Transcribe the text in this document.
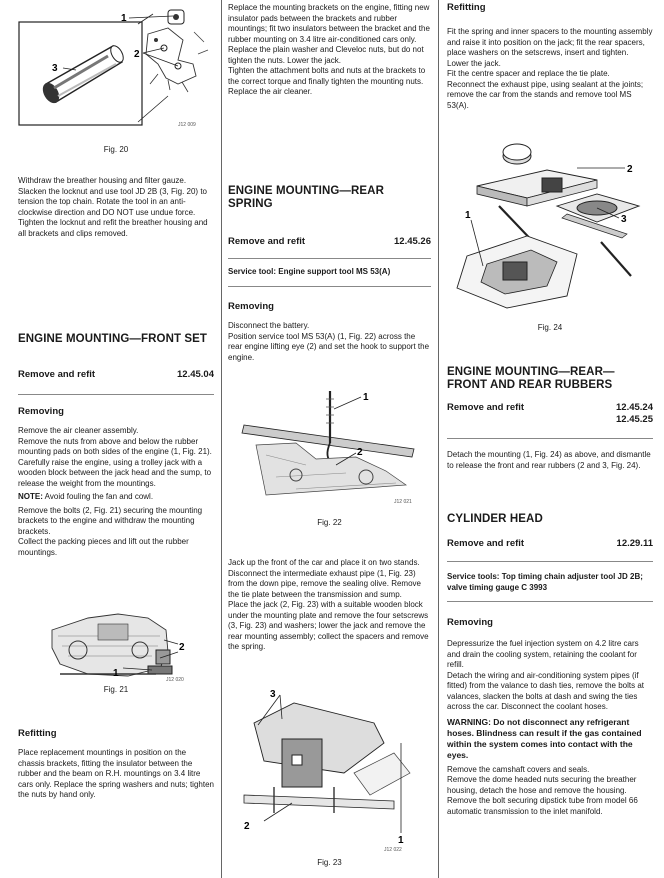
1
2
3
J12 009

Fig. 20

Withdraw the breather housing and filter gauze.

Slacken the locknut and use tool JD 2B (3, Fig. 20) to tension the top chain. Rotate the tool in an anti-clockwise direction and DO NOT use undue force.

Tighten the locknut and refit the breather housing and all brackets and clips removed.

ENGINE MOUNTING—FRONT SET
Remove and refit	12.45.04
Removing

Remove the air cleaner assembly.

Remove the nuts from above and below the rubber mounting pads on both sides of the engine (1, Fig. 21).

Carefully raise the engine, using a trolley jack with a wooden block between the jack head and the sump, to release the weight from the mountings.

NOTE: Avoid fouling the fan and cowl.

Remove the bolts (2, Fig. 21) securing the mounting brackets to the engine and withdraw the mounting brackets.

Collect the packing pieces and lift out the rubber mountings.

2
1
J12 020

Fig. 21

Refitting

Place replacement mountings in position on the chassis brackets, fitting the insulator between the rubber and the beam on R.H. mountings on 3.4 litre cars only. Replace the spring washers and nuts; tighten the nuts by hand only.

Replace the mounting brackets on the engine, fitting new insulator pads between the brackets and rubber mountings; fit two insulators between the bracket and the rubber mounting on 3.4 litre air-conditioned cars only. Replace the plain washer and Cleveloc nuts, but do not tighten the nuts. Lower the jack.

Tighten the attachment bolts and nuts at the brackets to the correct torque and finally tighten the mounting nuts.

Replace the air cleaner.

ENGINE MOUNTING—REAR SPRING
Remove and refit	12.45.26

Service tool: Engine support tool MS 53(A)

Removing

Disconnect the battery.

Position service tool MS 53(A) (1, Fig. 22) across the rear engine lifting eye (2) and set the hook to support the engine.

1
2
J12 021

Fig. 22

Jack up the front of the car and place it on two stands.

Disconnect the intermediate exhaust pipe (1, Fig. 23) from the down pipe, remove the sealing olive. Remove the tie plate between the transmission and sump.

Place the jack (2, Fig. 23) with a suitable wooden block under the mounting plate and remove the four setscrews (3, Fig. 23) and washers; lower the jack and remove the rear mounting assembly; collect the spacers and remove the spring.

3
2
1
J12 022

Fig. 23

Refitting

Fit the spring and inner spacers to the mounting assembly and raise it into position on the jack; fit the rear spacers, place washers on the setscrews, insert and tighten.

Lower the jack.

Fit the centre spacer and replace the tie plate.

Reconnect the exhaust pipe, using sealant at the joints; remove the car from the stands and remove tool MS 53(A).

2
3
1

Fig. 24

ENGINE MOUNTING—REAR—FRONT AND REAR RUBBERS
Remove and refit	12.45.24
12.45.25

Detach the mounting (1, Fig. 24) as above, and dismantle to release the front and rear rubbers (2 and 3, Fig. 24).

CYLINDER HEAD
Remove and refit	12.29.11

Service tools: Top timing chain adjuster tool JD 2B; valve timing gauge C 3993

Removing

Depressurize the fuel injection system on 4.2 litre cars and drain the cooling system, retaining the coolant for refill.

Detach the wiring and air-conditioning system pipes (if fitted) from the valance to dash ties, remove the bolts at valances, slacken the bolts at dash and swing the ties across the car. Disconnect the coolant hoses.

WARNING: Do not disconnect any refrigerant hoses. Blindness can result if the gas contained within the system comes into contact with the eyes.

Remove the camshaft covers and seals.

Remove the dome headed nuts securing the breather housing, detach the hose and remove the housing.

Remove the bolt securing dipstick tube from model 66 automatic transmission to the inlet manifold.
